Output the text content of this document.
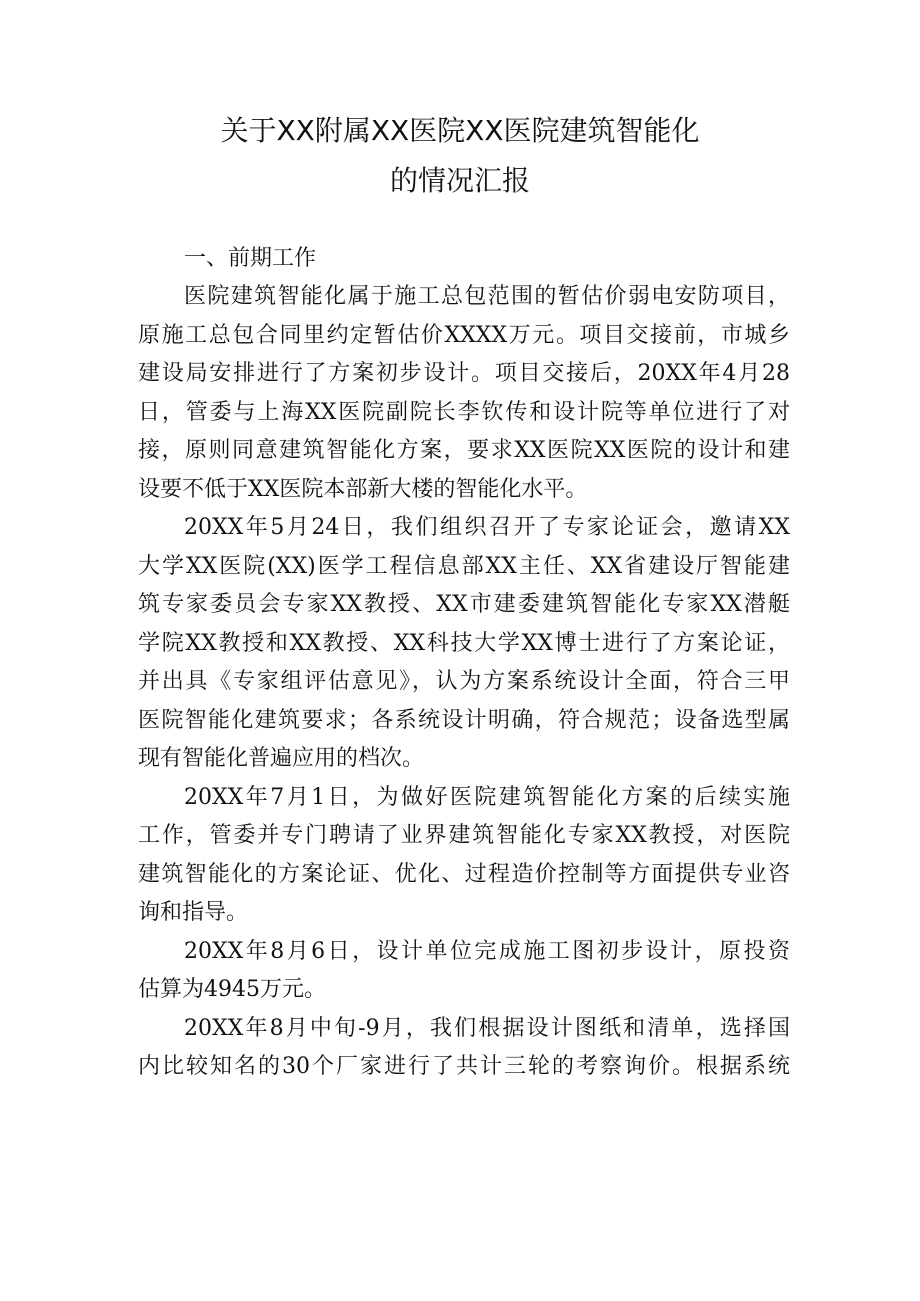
关于XX附属XX医院XX医院建筑智能化
的情况汇报
一、前期工作
医院建筑智能化属于施工总包范围的暂估价弱电安防项目，
原施工总包合同里约定暂估价XXXX万元。项目交接前，市城乡
建设局安排进行了方案初步设计。项目交接后，20XX年4月28
日，管委与上海XX医院副院长李钦传和设计院等单位进行了对
接，原则同意建筑智能化方案，要求XX医院XX医院的设计和建
设要不低于XX医院本部新大楼的智能化水平。
20XX年5月24日，我们组织召开了专家论证会，邀请XX
大学XX医院(XX)医学工程信息部XX主任、XX省建设厅智能建
筑专家委员会专家XX教授、XX市建委建筑智能化专家XX潜艇
学院XX教授和XX教授、XX科技大学XX博士进行了方案论证，
并出具《专家组评估意见》，认为方案系统设计全面，符合三甲
医院智能化建筑要求；各系统设计明确，符合规范；设备选型属
现有智能化普遍应用的档次。
20XX年7月1日，为做好医院建筑智能化方案的后续实施
工作，管委并专门聘请了业界建筑智能化专家XX教授，对医院
建筑智能化的方案论证、优化、过程造价控制等方面提供专业咨
询和指导。
20XX年8月6日，设计单位完成施工图初步设计，原投资
估算为4945万元。
20XX年8月中旬-9月，我们根据设计图纸和清单，选择国
内比较知名的30个厂家进行了共计三轮的考察询价。根据系统
